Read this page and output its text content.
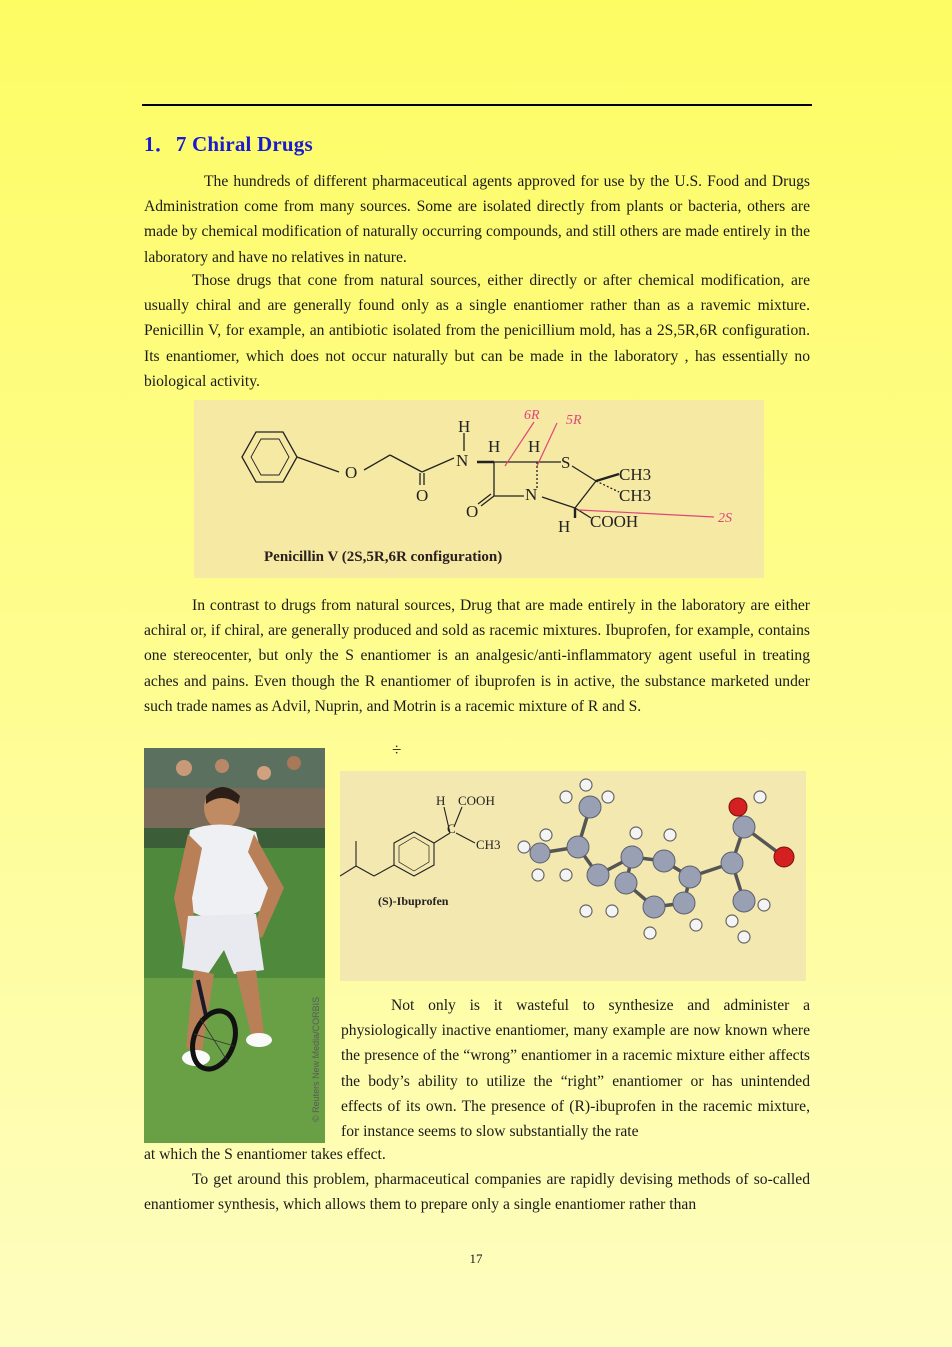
1．7 Chiral Drugs

The hundreds of different pharmaceutical agents approved for use by the U.S. Food and Drugs Administration come from many sources. Some are isolated directly from plants or bacteria, others are made by chemical modification of naturally occurring compounds, and still others are made entirely in the laboratory and have no relatives in nature.

Those drugs that cone from natural sources, either directly or after chemical modification, are usually chiral and are generally found only as a single enantiomer rather than as a ravemic mixture. Penicillin V, for example, an antibiotic isolated from the penicillium mold, has a 2S,5R,6R configuration. Its enantiomer, which does not occur naturally but can be made in the laboratory , has essentially no biological activity.

H
N
H H
S
CH3
CH3
N
O
O
O
H COOH
6R 5R
2S
Penicillin V (2S,5R,6R configuration)

In contrast to drugs from natural sources, Drug that are made entirely in the laboratory are either achiral or, if chiral, are generally produced and sold as racemic mixtures. Ibuprofen, for example, contains one stereocenter, but only the S enantiomer is an analgesic/anti-inflammatory agent useful in treating aches and pains. Even though the R enantiomer of ibuprofen is in active, the substance marketed under such trade names as Advil, Nuprin, and Motrin is a racemic mixture of R and S.

÷
© Reuters New Media/CORBIS
H COOH
C
CH3
(S)-Ibuprofen

Not only is it wasteful to synthesize and administer a physiologically inactive enantiomer, many example are now known where the presence of the “wrong” enantiomer in a racemic mixture either affects the body’s ability to utilize the “right” enantiomer or has unintended effects of its own. The presence of (R)-ibuprofen in the racemic mixture, for instance seems to slow substantially the rate

at which the S enantiomer takes effect.

To get around this problem, pharmaceutical companies are rapidly devising methods of so-called enantiomer synthesis, which allows them to prepare only a single enantiomer rather than

17
